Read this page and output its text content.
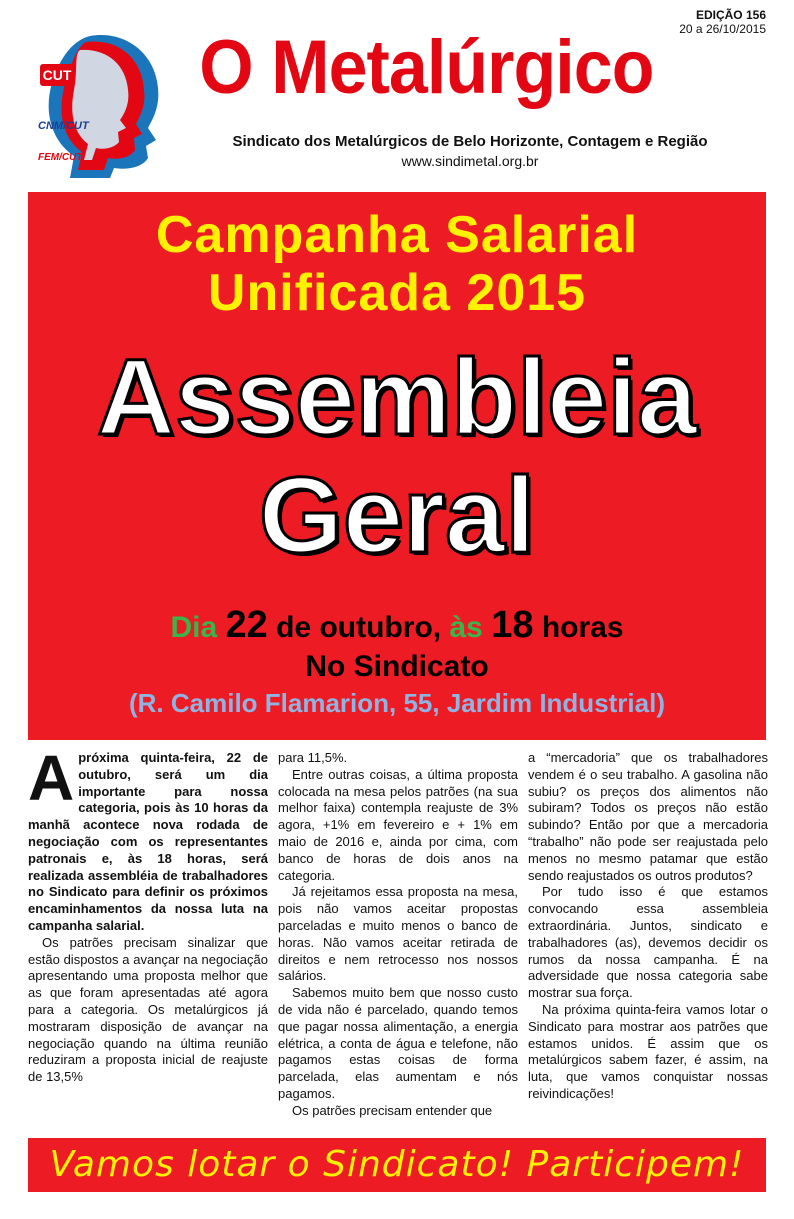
CUT
CNM/CUT
FEM/CUT
EDIÇÃO 156
20 a 26/10/2015
O Metalúrgico
Sindicato dos Metalúrgicos de Belo Horizonte, Contagem e Região
www.sindimetal.org.br
Campanha Salarial
Unificada 2015
Assembleia
Geral
Dia 22 de outubro, às 18 horas
No Sindicato
(R. Camilo Flamarion, 55, Jardim Industrial)

Apróxima quinta-feira, 22 de outubro, será um dia importante para nossa categoria, pois às 10 horas da manhã acontece nova rodada de negociação com os representantes patronais e, às 18 horas, será realizada assembléia de trabalhadores no Sindicato para definir os próximos encaminhamentos da nossa luta na campanha salarial.

Os patrões precisam sinalizar que estão dispostos a avançar na negociação apresentando uma proposta melhor que as que foram apresentadas até agora para a categoria. Os metalúrgicos já mostraram disposição de avançar na negociação quando na última reunião reduziram a proposta inicial de reajuste de 13,5%

para 11,5%.

Entre outras coisas, a última proposta colocada na mesa pelos patrões (na sua melhor faixa) contempla reajuste de 3% agora, +1% em fevereiro e + 1% em maio de 2016 e, ainda por cima, com banco de horas de dois anos na categoria.

Já rejeitamos essa proposta na mesa, pois não vamos aceitar propostas parceladas e muito menos o banco de horas. Não vamos aceitar retirada de direitos e nem retrocesso nos nossos salários.

Sabemos muito bem que nosso custo de vida não é parcelado, quando temos que pagar nossa alimentação, a energia elétrica, a conta de água e telefone, não pagamos estas coisas de forma parcelada, elas aumentam e nós pagamos.

Os patrões precisam entender que

a “mercadoria” que os trabalhadores vendem é o seu trabalho. A gasolina não subiu? os preços dos alimentos não subiram? Todos os preços não estão subindo? Então por que a mercadoria “trabalho” não pode ser reajustada pelo menos no mesmo patamar que estão sendo reajustados os outros produtos?

Por tudo isso é que estamos convocando essa assembleia extraordinária. Juntos, sindicato e trabalhadores (as), devemos decidir os rumos da nossa campanha. É na adversidade que nossa categoria sabe mostrar sua força.

Na próxima quinta-feira vamos lotar o Sindicato para mostrar aos patrões que estamos unidos. É assim que os metalúrgicos sabem fazer, é assim, na luta, que vamos conquistar nossas reivindicações!

Vamos lotar o Sindicato! Participem!
